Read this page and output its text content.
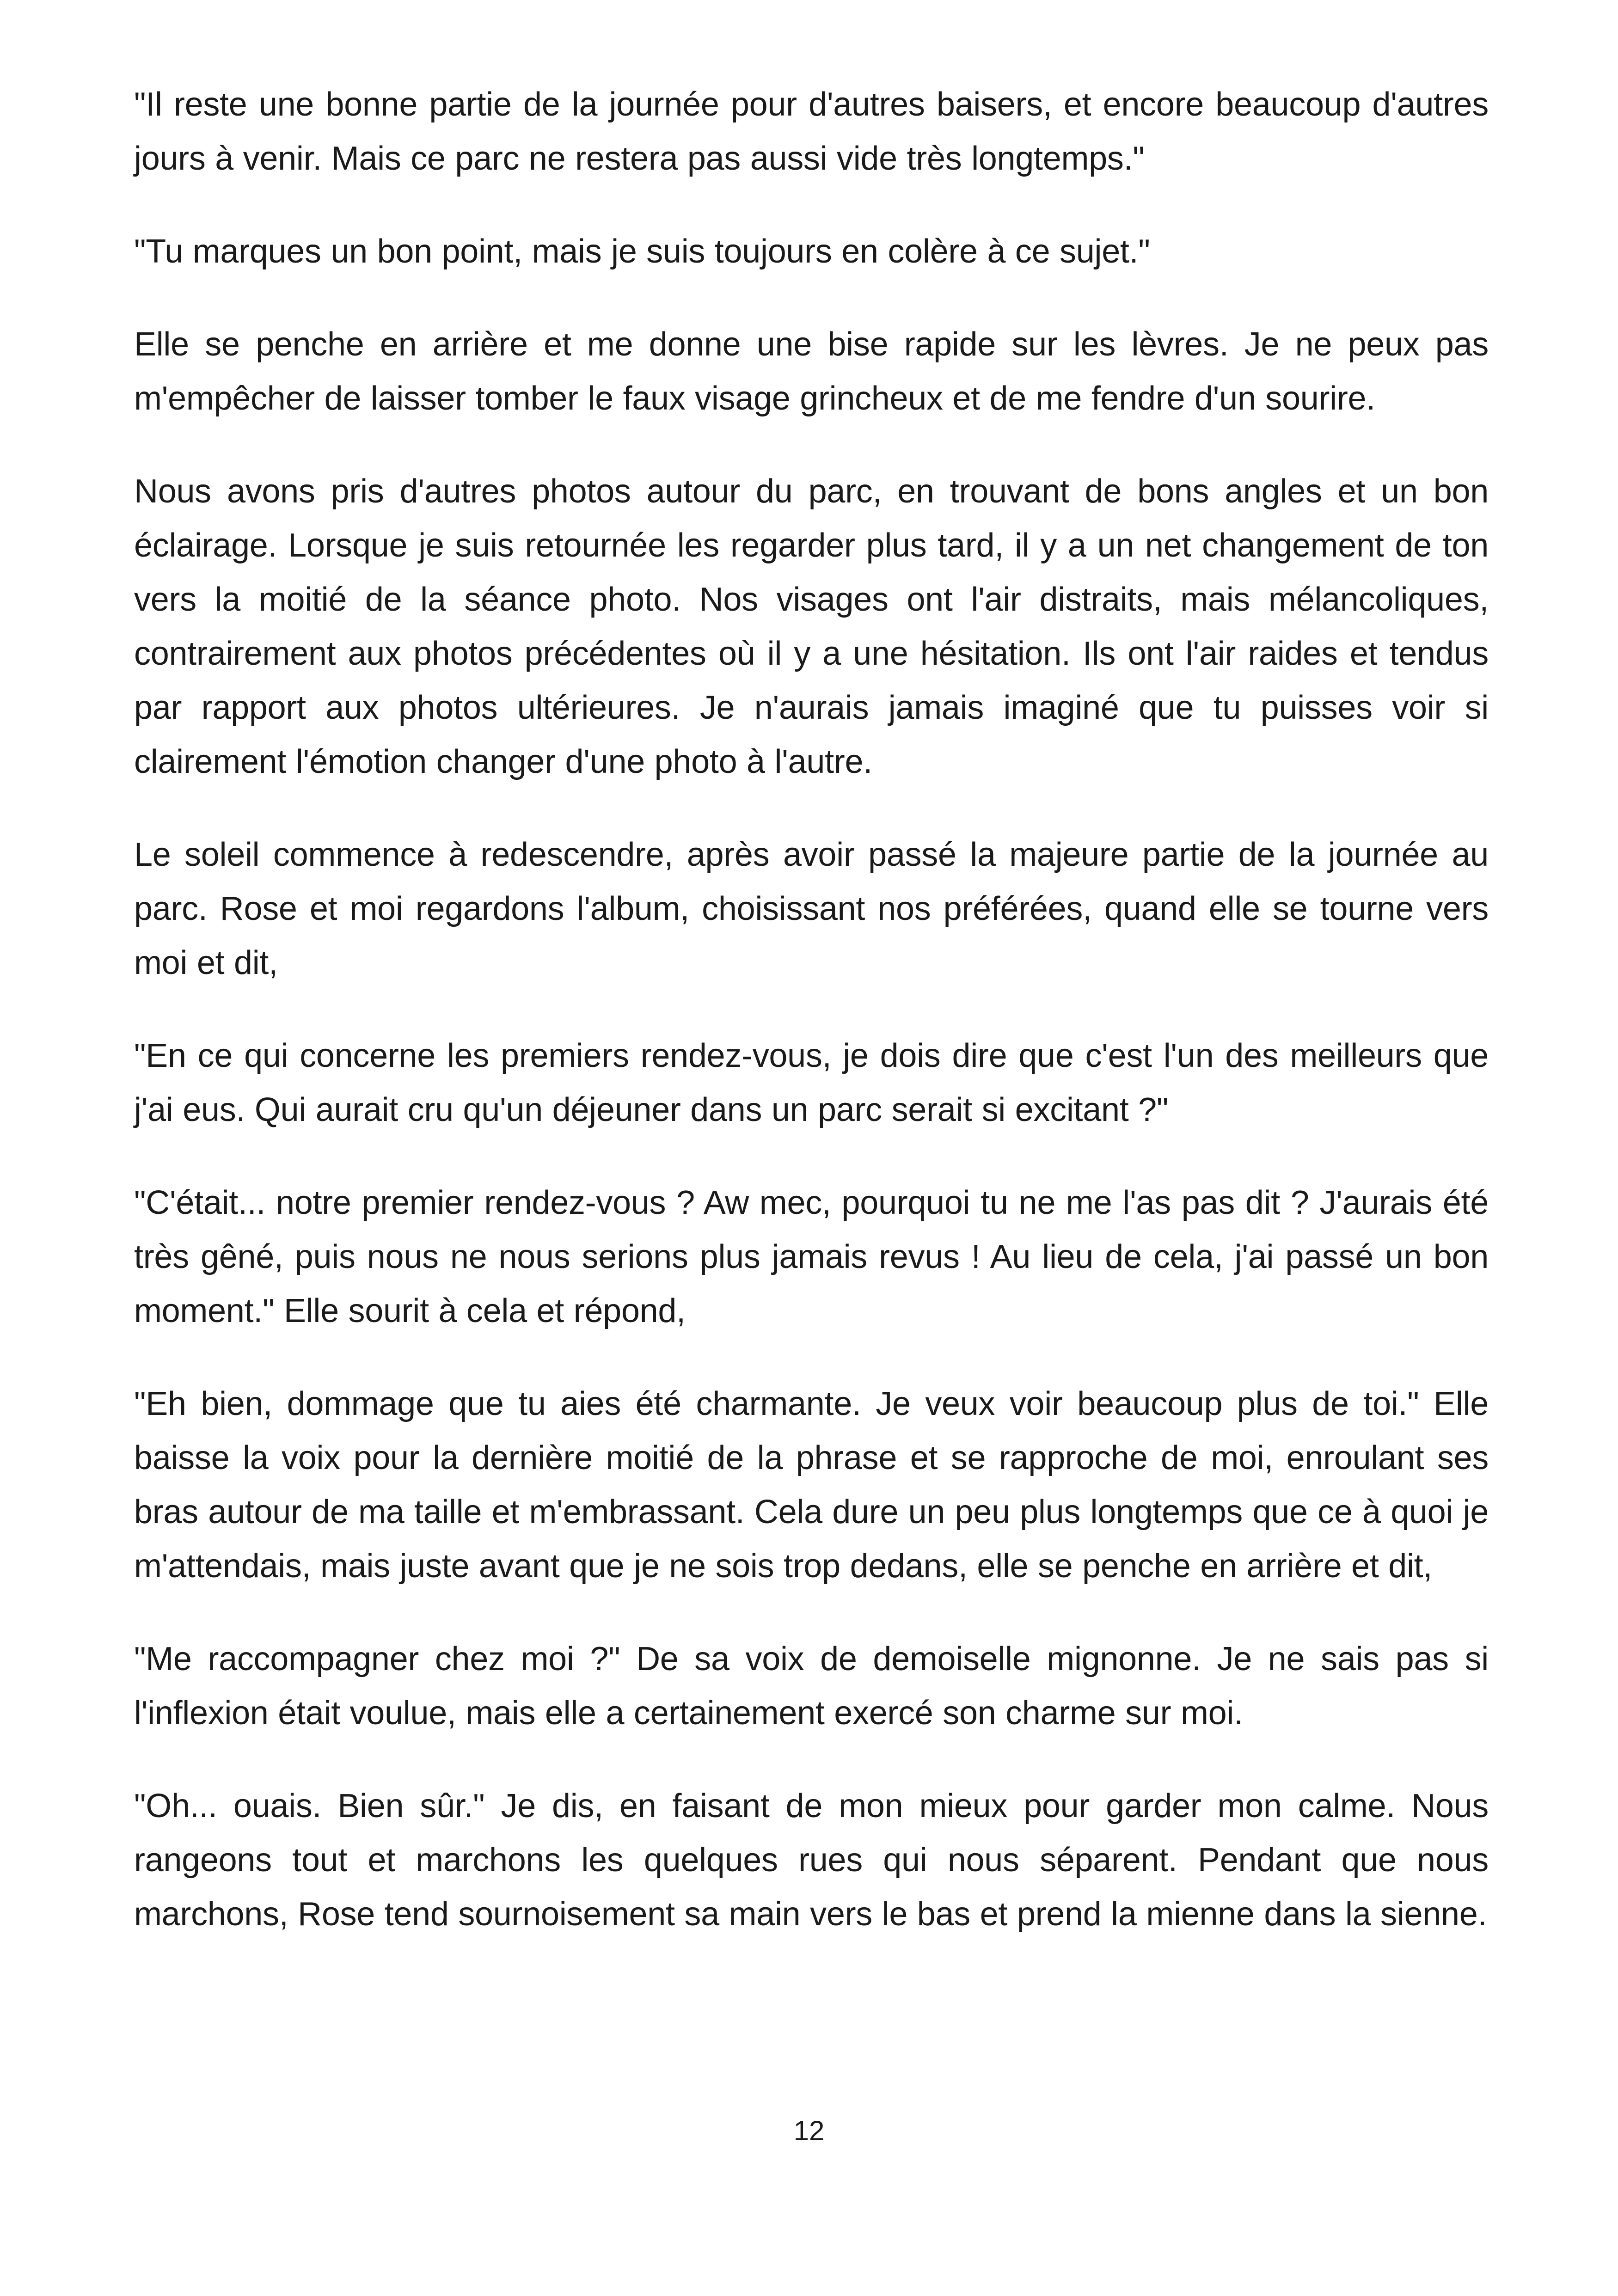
"Il reste une bonne partie de la journée pour d'autres baisers, et encore beaucoup d'autres jours à venir. Mais ce parc ne restera pas aussi vide très longtemps."

"Tu marques un bon point, mais je suis toujours en colère à ce sujet."

Elle se penche en arrière et me donne une bise rapide sur les lèvres. Je ne peux pas m'empêcher de laisser tomber le faux visage grincheux et de me fendre d'un sourire.

Nous avons pris d'autres photos autour du parc, en trouvant de bons angles et un bon éclairage. Lorsque je suis retournée les regarder plus tard, il y a un net changement de ton vers la moitié de la séance photo. Nos visages ont l'air distraits, mais mélancoliques, contrairement aux photos précédentes où il y a une hésitation. Ils ont l'air raides et tendus par rapport aux photos ultérieures. Je n'aurais jamais imaginé que tu puisses voir si clairement l'émotion changer d'une photo à l'autre.

Le soleil commence à redescendre, après avoir passé la majeure partie de la journée au parc. Rose et moi regardons l'album, choisissant nos préférées, quand elle se tourne vers moi et dit,

"En ce qui concerne les premiers rendez-vous, je dois dire que c'est l'un des meilleurs que j'ai eus. Qui aurait cru qu'un déjeuner dans un parc serait si excitant ?"

"C'était... notre premier rendez-vous ? Aw mec, pourquoi tu ne me l'as pas dit ? J'aurais été très gêné, puis nous ne nous serions plus jamais revus ! Au lieu de cela, j'ai passé un bon moment." Elle sourit à cela et répond,

"Eh bien, dommage que tu aies été charmante. Je veux voir beaucoup plus de toi." Elle baisse la voix pour la dernière moitié de la phrase et se rapproche de moi, enroulant ses bras autour de ma taille et m'embrassant. Cela dure un peu plus longtemps que ce à quoi je m'attendais, mais juste avant que je ne sois trop dedans, elle se penche en arrière et dit,

"Me raccompagner chez moi ?" De sa voix de demoiselle mignonne. Je ne sais pas si l'inflexion était voulue, mais elle a certainement exercé son charme sur moi.

"Oh... ouais. Bien sûr." Je dis, en faisant de mon mieux pour garder mon calme. Nous rangeons tout et marchons les quelques rues qui nous séparent. Pendant que nous marchons, Rose tend sournoisement sa main vers le bas et prend la mienne dans la sienne.

12
